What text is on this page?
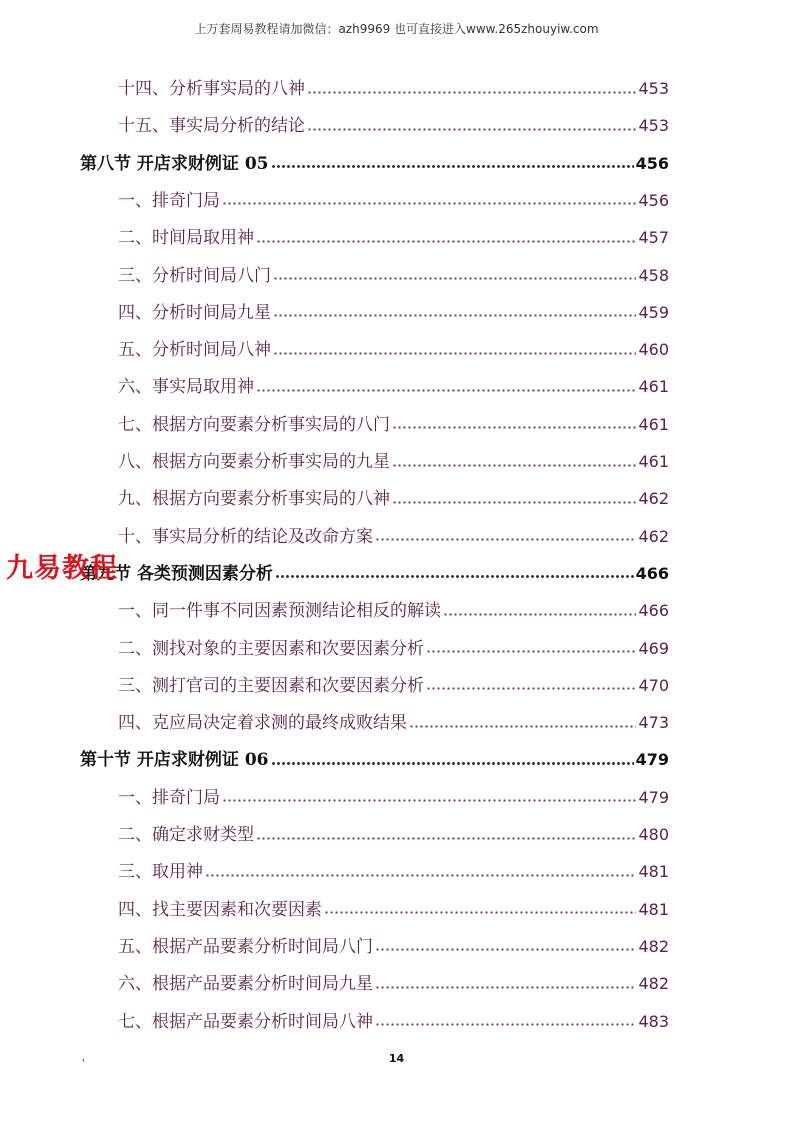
上万套周易教程请加微信：azh9969 也可直接进入www.265zhouyiw.com
十四、分析事实局的八神	453
十五、事实局分析的结论	453
第八节 开店求财例证 05	456
一、排奇门局	456
二、时间局取用神	457
三、分析时间局八门	458
四、分析时间局九星	459
五、分析时间局八神	460
六、事实局取用神	461
七、根据方向要素分析事实局的八门	461
八、根据方向要素分析事实局的九星	461
九、根据方向要素分析事实局的八神	462
十、事实局分析的结论及改命方案	462
第九节 各类预测因素分析	466
一、同一件事不同因素预测结论相反的解读	466
二、测找对象的主要因素和次要因素分析	469
三、测打官司的主要因素和次要因素分析	470
四、克应局决定着求测的最终成败结果	473
第十节 开店求财例证 06	479
一、排奇门局	479
二、确定求财类型	480
三、取用神	481
四、找主要因素和次要因素	481
五、根据产品要素分析时间局八门	482
六、根据产品要素分析时间局九星	482
七、根据产品要素分析时间局八神	483
九易教程
'	14
